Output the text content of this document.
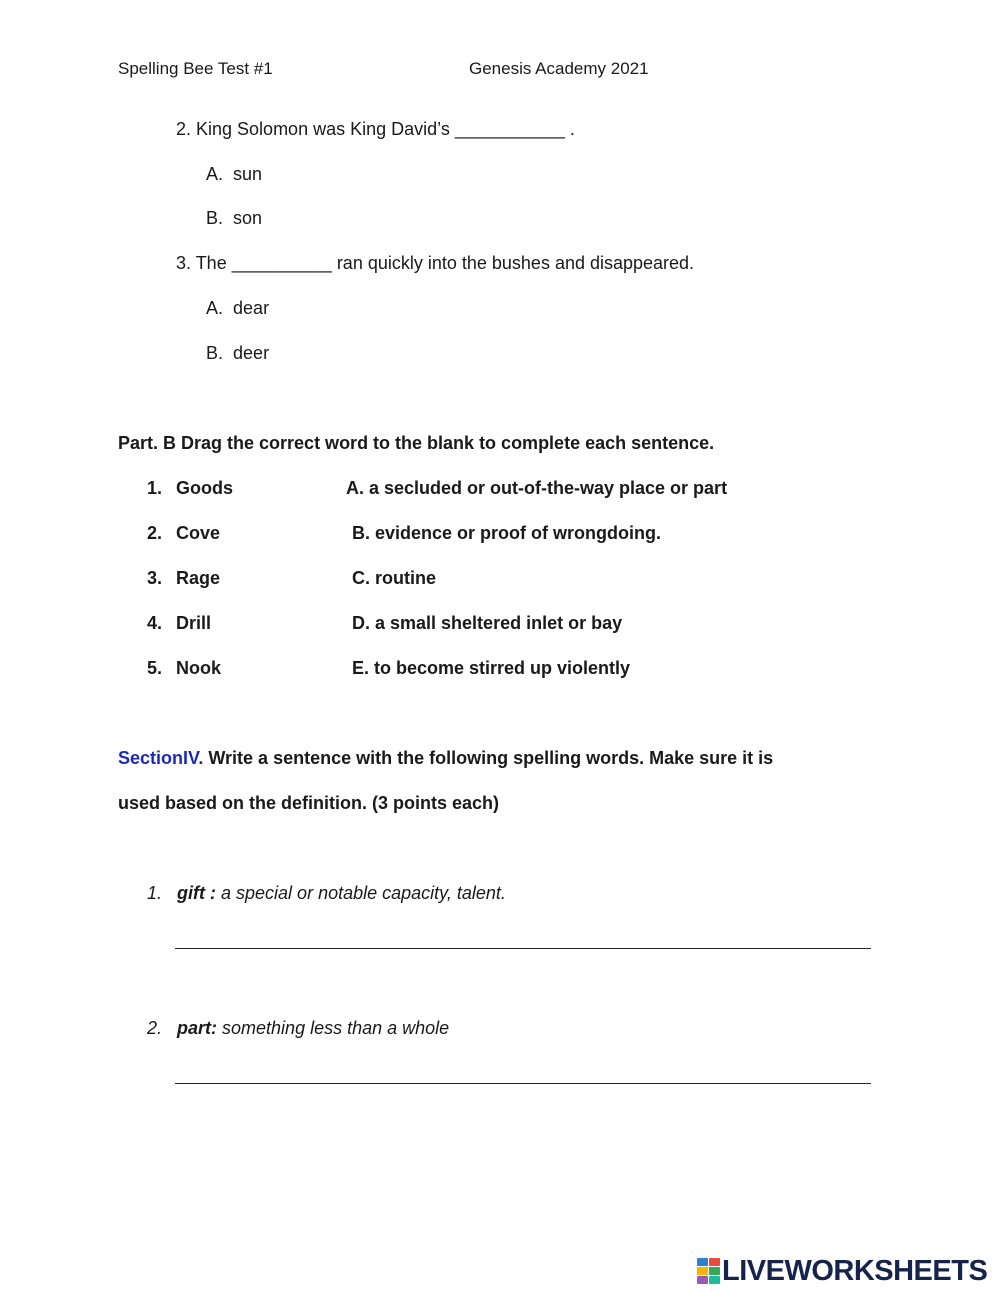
Spelling Bee Test #1	Genesis Academy 2021
2. King Solomon was King David’s ___________ .
A. sun
B. son
3. The __________ ran quickly into the bushes and disappeared.
A. dear
B. deer
Part. B Drag the correct word to the blank to complete each sentence.
1. Goods	A. a secluded or out-of-the-way place or part
2. Cove	B. evidence or proof of wrongdoing.
3. Rage	C. routine
4. Drill	D. a small sheltered inlet or bay
5. Nook	E. to become stirred up violently
SectionIV. Write a sentence with the following spelling words. Make sure it is
used based on the definition. (3 points each)
1. gift : a special or notable capacity, talent.
2. part: something less than a whole
LIVEWORKSHEETS
